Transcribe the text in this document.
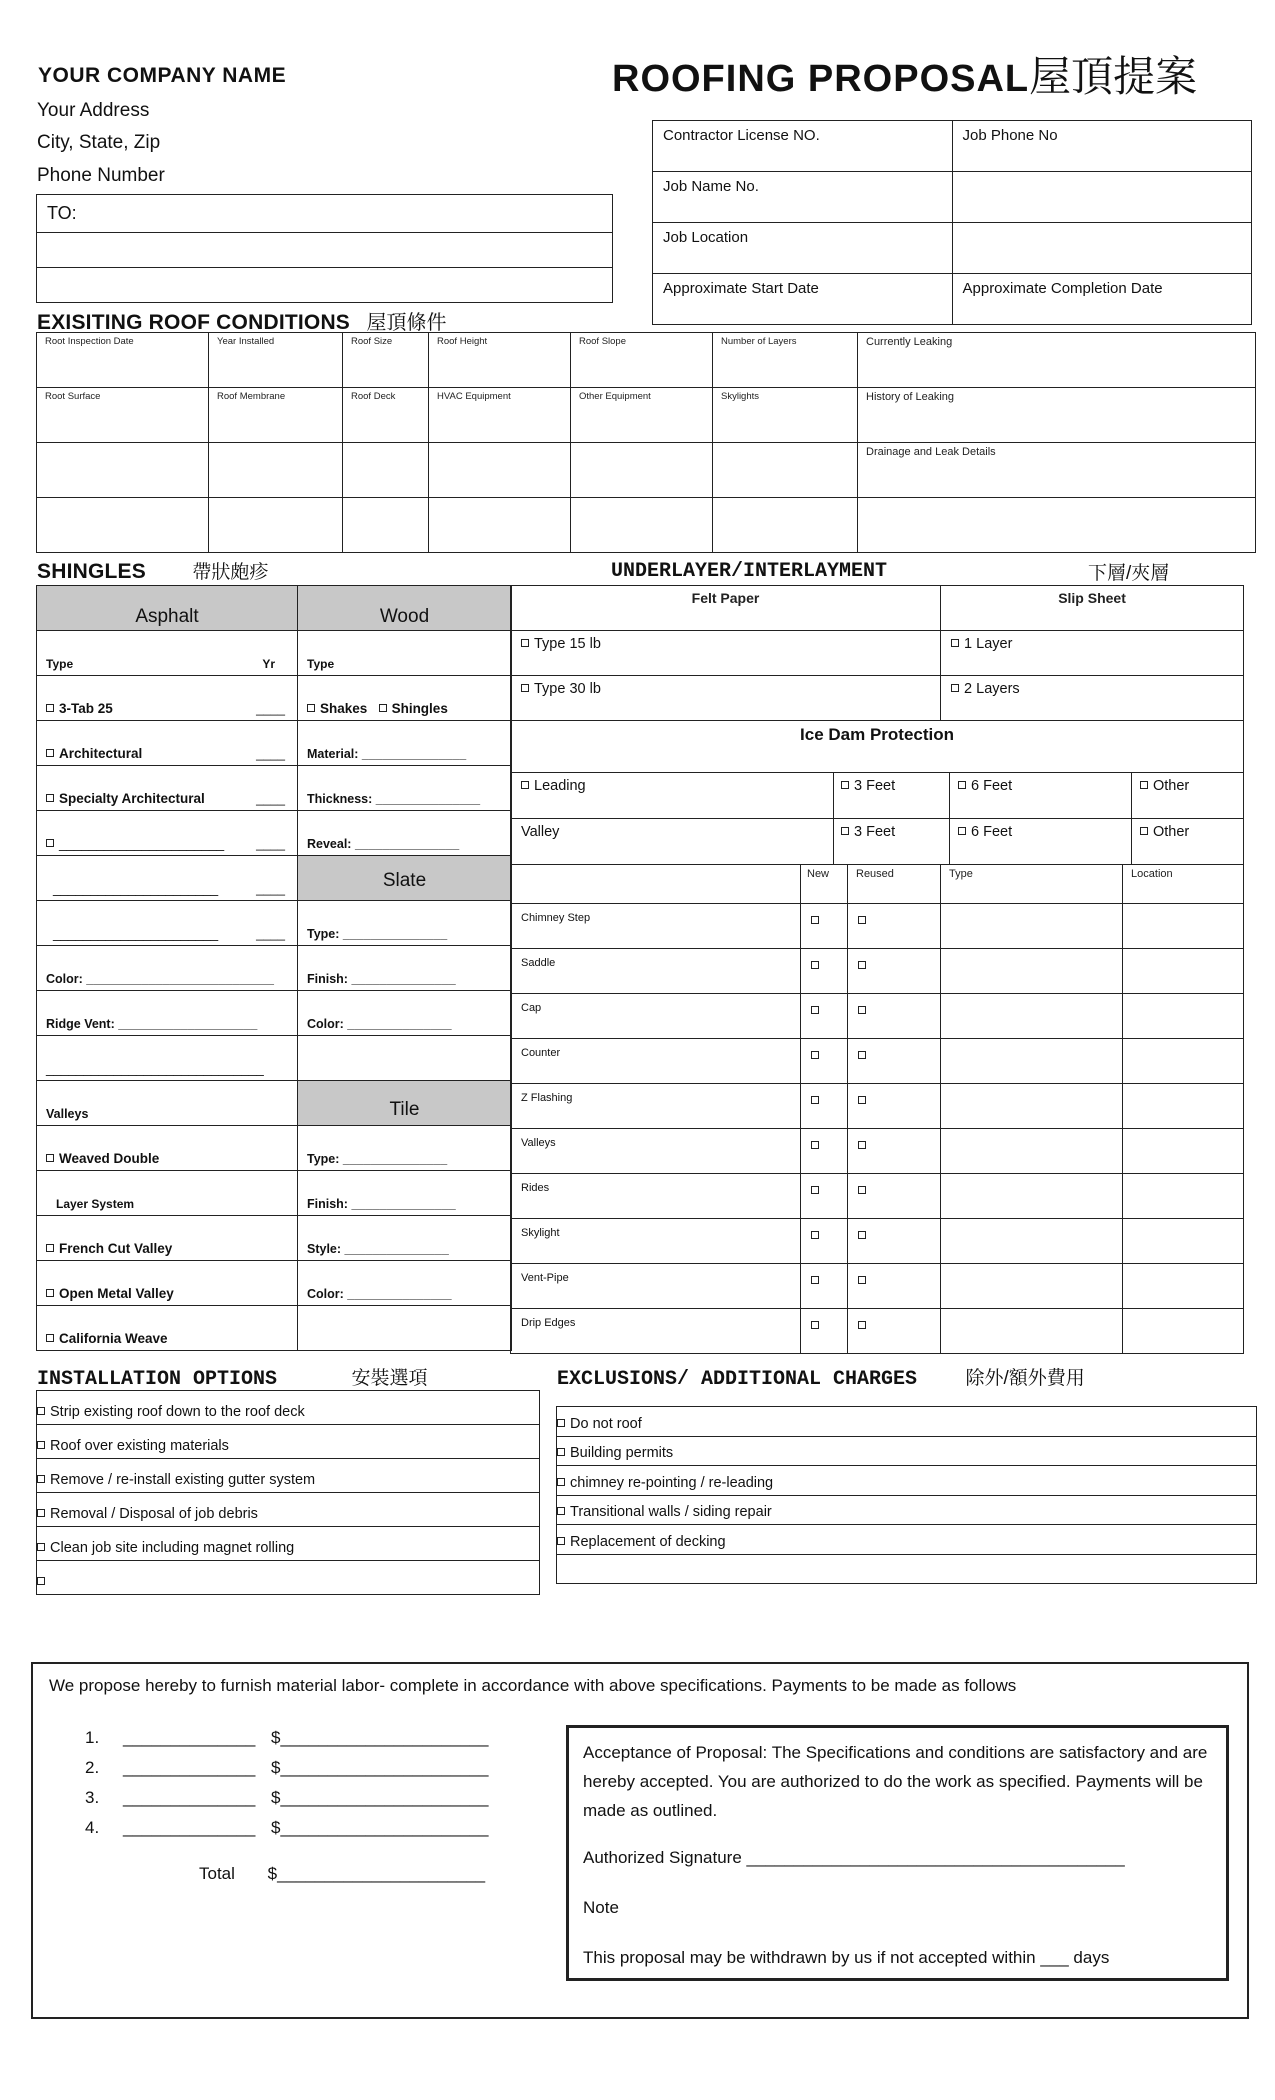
YOUR COMPANY NAME
Your Address
City, State, Zip
Phone Number
ROOFING PROPOSAL屋頂提案
TO:

Contractor License NO.	Job Phone No
Job Name No.	
Job Location	
Approximate Start Date	Approximate Completion Date
EXISITING ROOF CONDITIONS 屋頂條件
Root Inspection Date	Year Installed	Roof Size	Roof Height	Roof Slope	Number of Layers	Currently Leaking
Root Surface	Roof Membrane	Roof Deck	HVAC Equipment	Other Equipment	Skylights	History of Leaking
						Drainage and Leak Details

SHINGLES 帶狀皰疹	UNDERLAYER/INTERLAYMENT	下層/夾層
Asphalt	Wood

Type Yr	Type

3-Tab 25 ____	Shakes Shingles

Architectural ____	Material: _______________

Specialty Architectural ____	Thickness: _______________

______________________ ____	Reveal: _______________

______________________ ____	Slate

______________________ ____	Type: _______________

Color: ___________________________	Finish: _______________

Ridge Vent: ____________________	Color: _______________

_____________________________	

Valleys	Tile

Weaved Double	Type: _______________

Layer System	Finish: _______________

French Cut Valley	Style: _______________

Open Metal Valley	Color: _______________

California Weave	

Felt Paper			Slip Sheet	

Type 15 lb			1 Layer	

Type 30 lb			2 Layers	

Ice Dam Protection				

Leading 3 Feet 6 Feet Other				

Valley 3 Feet 6 Feet Other				

	New	Reused	Type	Location
Chimney Step				
Saddle				
Cap				
Counter				
Z Flashing				
Valleys				
Rides				
Skylight				
Vent-Pipe				
Drip Edges				
INSTALLATION OPTIONS	安裝選項
Strip existing roof down to the roof deck
Roof over existing materials
Remove / re-install existing gutter system
Removal / Disposal of job debris
Clean job site including magnet rolling

EXCLUSIONS/ ADDITIONAL CHARGES	除外/額外費用
Do not roof
Building permits
chimney re-pointing / re-leading
Transitional walls / siding repair
Replacement of decking

We propose hereby to furnish material labor- complete in accordance with above specifications. Payments to be made as follows
1. ______________ $______________________
2. ______________ $______________________
3. ______________ $______________________
4. ______________ $______________________
Total $______________________
Acceptance of Proposal: The Specifications and conditions are satisfactory and are hereby accepted. You are authorized to do the work as specified. Payments will be made as outlined.
Authorized Signature ________________________________________
Note
This proposal may be withdrawn by us if not accepted within ___ days
